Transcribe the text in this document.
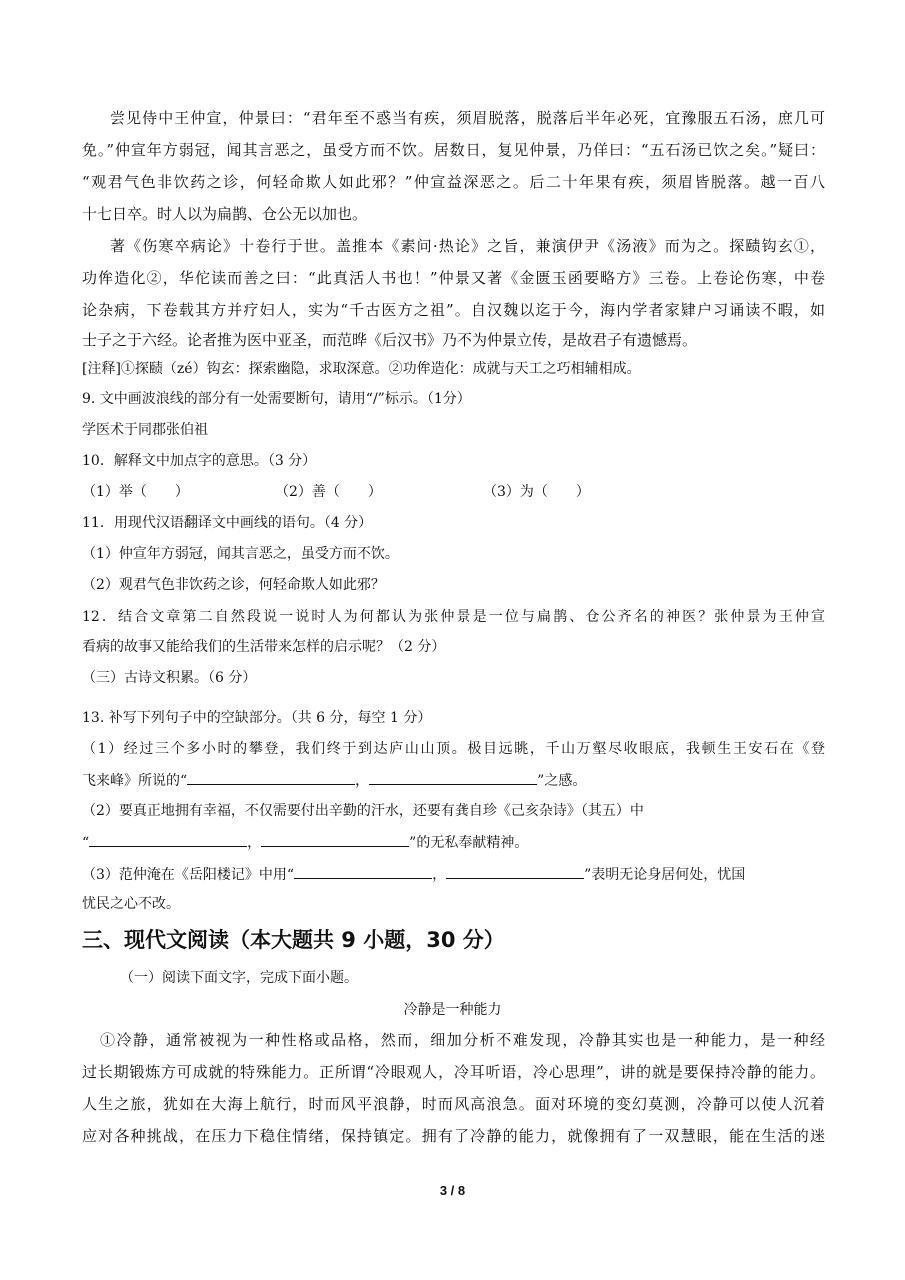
尝见侍中王仲宣，仲景曰：“君年至不惑当有疾，须眉脱落，脱落后半年必死，宜豫服五石汤，庶几可
免。”仲宣年方弱冠，闻其言恶之，虽受方而不饮。居数日，复见仲景，乃佯曰：“五石汤已饮之矣。”疑曰：
“观君气色非饮药之诊，何轻命欺人如此邪？”仲宣益深恶之。后二十年果有疾，须眉皆脱落。越一百八
十七日卒。时人以为扁鹊、仓公无以加也。
著《伤寒卒病论》十卷行于世。盖推本《素问·热论》之旨，兼演伊尹《汤液》而为之。探赜钩玄①，
功侔造化②，华佗读而善之曰：“此真活人书也！”仲景又著《金匮玉函要略方》三卷。上卷论伤寒，中卷
论杂病，下卷载其方并疗妇人，实为“千古医方之祖”。自汉魏以迄于今，海内学者家肄户习诵读不暇，如
士子之于六经。论者推为医中亚圣，而范晔《后汉书》乃不为仲景立传，是故君子有遗憾焉。
[注释]①探赜（zé）钩玄：探索幽隐，求取深意。②功侔造化：成就与天工之巧相辅相成。
9. 文中画波浪线的部分有一处需要断句，请用“/”标示。（1分）
学医术于同郡张伯祖
10．解释文中加点字的意思。（3 分）
（1）举（　　）	（2）善（　　）	（3）为（　　）
11．用现代汉语翻译文中画线的语句。（4 分）
（1）仲宣年方弱冠，闻其言恶之，虽受方而不饮。
（2）观君气色非饮药之诊，何轻命欺人如此邪？
12．结合文章第二自然段说一说时人为何都认为张仲景是一位与扁鹊、仓公齐名的神医？张仲景为王仲宣
看病的故事又能给我们的生活带来怎样的启示呢？（2 分）
（三）古诗文积累。（6 分）
13. 补写下列句子中的空缺部分。（共 6 分，每空 1 分）
（1）经过三个多小时的攀登，我们终于到达庐山山顶。极目远眺，千山万壑尽收眼底，我顿生王安石在《登
飞来峰》所说的“	，	”之感。
（2）要真正地拥有幸福，不仅需要付出辛勤的汗水，还要有龚自珍《己亥杂诗》（其五）中
“	，	”的无私奉献精神。
（3）范仲淹在《岳阳楼记》中用“	，	”表明无论身居何处，忧国
忧民之心不改。
三、现代文阅读（本大题共 9 小题，30 分）
（一）阅读下面文字，完成下面小题。
冷静是一种能力
①冷静，通常被视为一种性格或品格，然而，细加分析不难发现，冷静其实也是一种能力，是一种经
过长期锻炼方可成就的特殊能力。正所谓“冷眼观人，冷耳听语，冷心思理”，讲的就是要保持冷静的能力。
人生之旅，犹如在大海上航行，时而风平浪静，时而风高浪急。面对环境的变幻莫测，冷静可以使人沉着
应对各种挑战，在压力下稳住情绪，保持镇定。拥有了冷静的能力，就像拥有了一双慧眼，能在生活的迷
3 / 8
